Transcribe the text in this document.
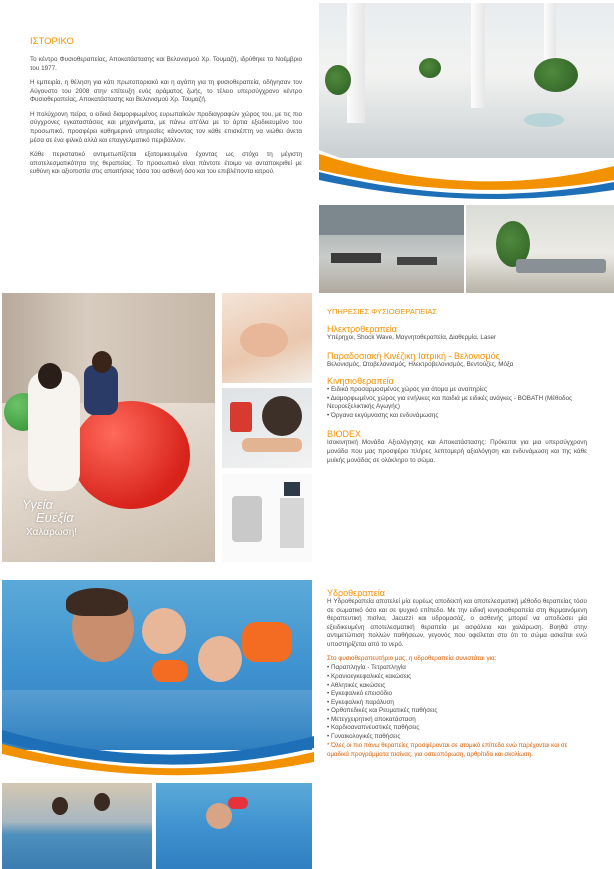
ΙΣΤΟΡΙΚΟ

Το κέντρο Φυσιοθεραπείας, Αποκατάστασης και Βελονισμού Χρ. Τουμαζή, ιδρύθηκε το Νοέμβριο του 1977.

Η εμπειρία, η θέληση για κάτι πρωτοποριακό και η αγάπη για τη φυσιοθεραπεία, οδήγησαν τον Αύγουστο του 2008 στην επίτευξη ενός οράματος ζωής, το τέλειο υπερσύγχρονο κέντρο Φυσιοθεραπείας, Αποκατάστασης και Βελονισμού Χρ. Τουμαζή.

Η πολύχρονη πείρα, ο ειδικά διαμορφωμένος ευρωπαϊκών προδιαγραφών χώρος του, με τις πιο σύγχρονες εγκαταστάσεις και μηχανήματα, με πάνω απ'όλα με το άρτια εξειδικευμένο του προσωπικό, προσφέρει καθημερινά υπηρεσίες κάνοντας τον κάθε επισκέπτη να νιώθει άνετα μέσα σε ένα φιλικό αλλά και επαγγελματικό περιβάλλον.

Κάθε περιστατικό αντιμετωπίζεται εξατομικευμένα έχοντας ως στόχο τη μέγιστη αποτελεσματικότητα της θεραπείας. Το προσωπικό είναι πάντοτε έτοιμο να ανταποκριθεί με ευθύνη και αξιοπιστία στις απαιτήσεις τόσο του ασθενή όσο και του επιβλέποντα ιατρού.

Υγεία
Ευεξία
Χαλάρωση!
ΥΠΗΡΕΣΙΕΣ ΦΥΣΙΟΘΕΡΑΠΕΙΑΣ
Ηλεκτροθεραπεία

Υπέρηχοι, Shock Wave, Μαγνητοθεραπεία, Διαθερμία, Laser

Παραδοσιακή Κινέζικη Ιατρική - Βελονισμός

Βελονισμός, Ωτοβελονισμός, Ηλεκτροβελονισμός, Βεντούζες, Μόξα

Κινησιοθεραπεία
• Ειδικά προσαρμοσμένος χώρος για άτομα με αναπηρίες
• Διαμορφωμένος χώρος για ενήλικες και παιδιά με ειδικές ανάγκες - BOBATH (Μέθοδος Νευροεξελικτικής Αγωγής)
• Όργανα εκγύμνασης και ενδυνάμωσης
BIODEX

Ισοκινητική Μονάδα Αξιολόγησης και Αποκατάστασης: Πρόκειται για μια υπερσύγχρονη μονάδα που μας προσφέρει πλήρες λεπτομερή αξιολόγηση και ενδυνάμωση και της κάθε μυϊκής μονάδας σε ολόκληρο το σώμα.

Υδροθεραπεία

Η Υδροθεραπεία αποτελεί μία ευρέως αποδεκτή και αποτελεσματική μέθοδο θεραπείας τόσο σε σωματικό όσο και σε ψυχικό επίπεδο. Με την ειδική κινησιοθεραπεία στη θερμαινόμενη θεραπευτική πισίνα, Jacuzzi και υδρομασάζ, ο ασθενής μπορεί να αποδώσει μία εξειδικευμένη αποτελεσματική θεραπεία με ασφάλεια και χαλάρωση. Βοηθά στην αντιμετώπιση πολλών παθήσεων, γεγονός που οφείλεται στο ότι το σώμα ασκείται ενώ υποστηρίζεται από το νερό.

Στο φυσιοθεραπευτήριο μας, η υδροθεραπεία συνιστάται για:
• Παραπληγία - Τετραπληγία
• Κρανιοεγκεφαλικές κακώσεις
• Αθλητικές κακώσεις
• Εγκεφαλικό επεισόδιο
• Εγκεφαλική παράλυση
• Ορθοπεδικές και Ρευματικές παθήσεις
• Μετεγχειρητική αποκατάσταση
• Καρδιοαναπνευστικές παθήσεις
• Γυναικολογικές παθήσεις
* Όλες οι πιο πάνω θεραπείες προσφέρονται σε ατομικό επίπεδο ενώ παρέχονται και σε ομαδικά προγράμματα πισίνας, για οστεοπόρωση, αρθρίτιδα και σκολίωση.
